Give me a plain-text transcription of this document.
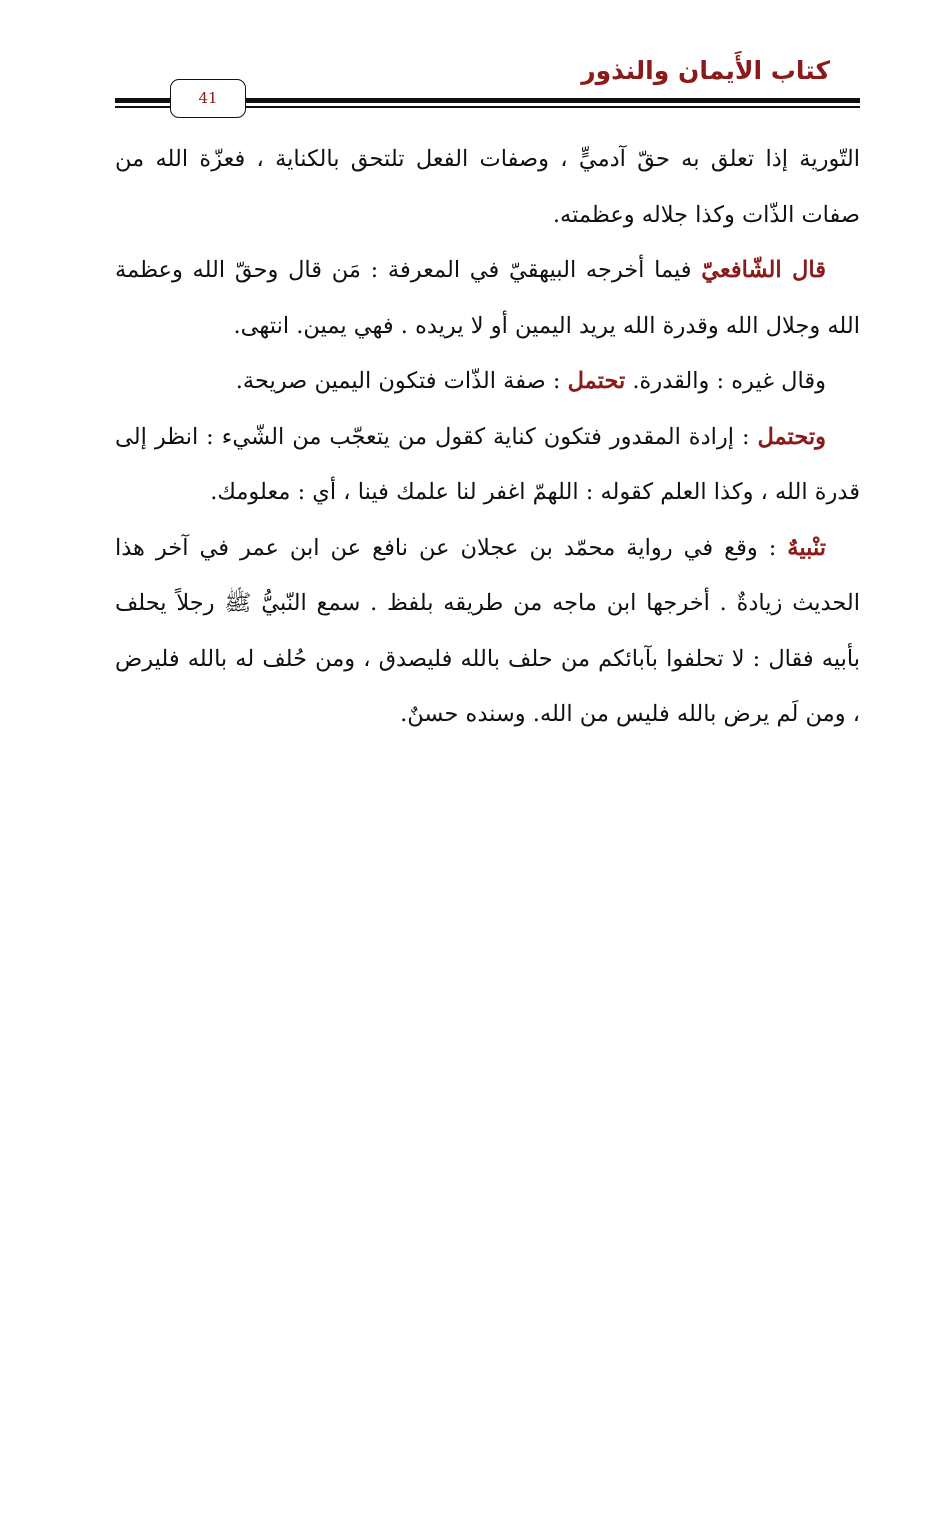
كتاب الأَيمان والنذور
41

التّورية إذا تعلق به حقّ آدميٍّ ، وصفات الفعل تلتحق بالكناية ، فعزّة الله من صفات الذّات وكذا جلاله وعظمته.

قال الشّافعيّ فيما أخرجه البيهقيّ في المعرفة : مَن قال وحقّ الله وعظمة الله وجلال الله وقدرة الله يريد اليمين أو لا يريده . فهي يمين. انتهى.

وقال غيره : والقدرة. تحتمل : صفة الذّات فتكون اليمين صريحة.

وتحتمل : إرادة المقدور فتكون كناية كقول من يتعجّب من الشّيء : انظر إلى قدرة الله ، وكذا العلم كقوله : اللهمّ اغفر لنا علمك فينا ، أي : معلومك.

تنْبيهٌ : وقع في رواية محمّد بن عجلان عن نافع عن ابن عمر في آخر هذا الحديث زيادةٌ . أخرجها ابن ماجه من طريقه بلفظ . سمع النّبيُّ ﷺ رجلاً يحلف بأبيه فقال : لا تحلفوا بآبائكم من حلف بالله فليصدق ، ومن حُلف له بالله فليرض ، ومن لَم يرض بالله فليس من الله. وسنده حسنٌ.
